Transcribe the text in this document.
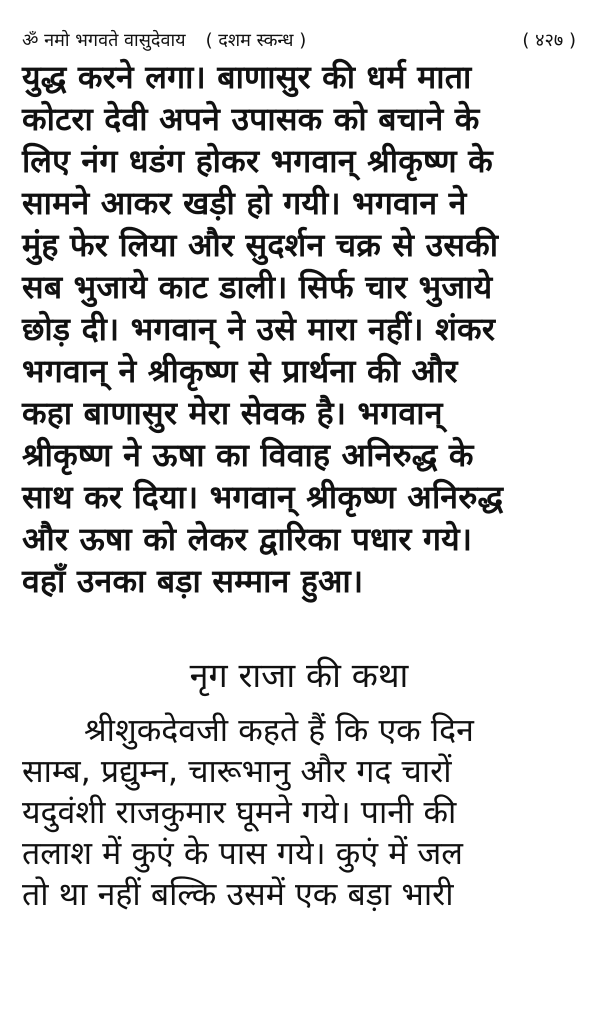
ॐ नमो भगवते वासुदेवाय ( दशम स्कन्ध )	( ४२७ )
युद्ध करने लगा। बाणासुर की धर्म माता
कोटरा देवी अपने उपासक को बचाने के
लिए नंग धडंग होकर भगवान् श्रीकृष्ण के
सामने आकर खड़ी हो गयी। भगवान ने
मुंह फेर लिया और सुदर्शन चक्र से उसकी
सब भुजाये काट डाली। सिर्फ चार भुजाये
छोड़ दी। भगवान् ने उसे मारा नहीं। शंकर
भगवान् ने श्रीकृष्ण से प्रार्थना की और
कहा बाणासुर मेरा सेवक है। भगवान्
श्रीकृष्ण ने ऊषा का विवाह अनिरुद्ध के
साथ कर दिया। भगवान् श्रीकृष्ण अनिरुद्ध
और ऊषा को लेकर द्वारिका पधार गये।
वहाँ उनका बड़ा सम्मान हुआ।
नृग राजा की कथा
श्रीशुकदेवजी कहते हैं कि एक दिन
साम्ब, प्रद्युम्न, चारूभानु और गद चारों
यदुवंशी राजकुमार घूमने गये। पानी की
तलाश में कुएं के पास गये। कुएं में जल
तो था नहीं बल्कि उसमें एक बड़ा भारी
